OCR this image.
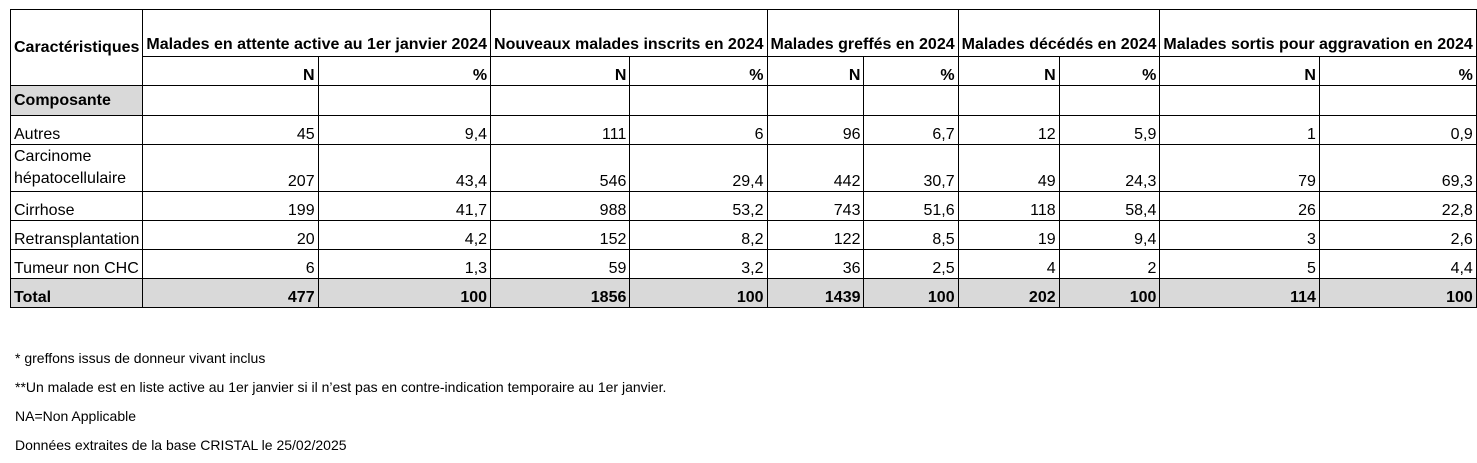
Caractéristiques	Malades en attente active au 1er janvier 2024		Nouveaux malades inscrits en 2024		Malades greffés en 2024		Malades décédés en 2024		Malades sortis pour aggravation en 2024	
	N	%	N	%	N	%	N	%	N	%
Composante										
Autres	45	9,4	111	6	96	6,7	12	5,9	1	0,9
Carcinome hépatocellulaire	207	43,4	546	29,4	442	30,7	49	24,3	79	69,3
Cirrhose	199	41,7	988	53,2	743	51,6	118	58,4	26	22,8
Retransplantation	20	4,2	152	8,2	122	8,5	19	9,4	3	2,6
Tumeur non CHC	6	1,3	59	3,2	36	2,5	4	2	5	4,4
Total	477	100	1856	100	1439	100	202	100	114	100
* greffons issus de donneur vivant inclus
**Un malade est en liste active au 1er janvier si il n’est pas en contre-indication temporaire au 1er janvier.
NA=Non Applicable
Données extraites de la base CRISTAL le 25/02/2025
